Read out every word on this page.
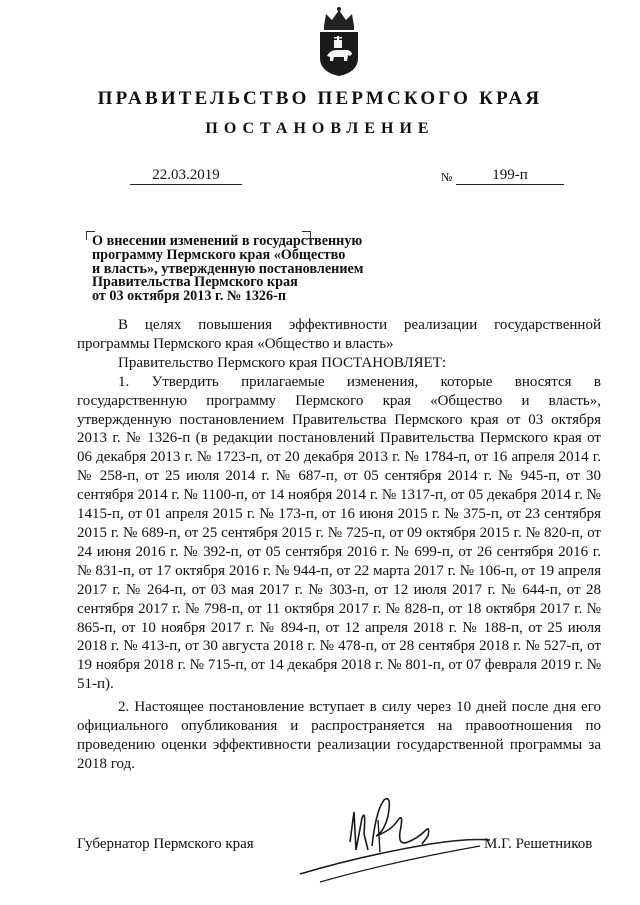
ПРАВИТЕЛЬСТВО ПЕРМСКОГО КРАЯ
ПОСТАНОВЛЕНИЕ
22.03.2019	№	199-п
О внесении изменений в государственную
программу Пермского края «Общество
и власть», утвержденную постановлением
Правительства Пермского края
от 03 октября 2013 г. № 1326-п

В целях повышения эффективности реализации государственной программы Пермского края «Общество и власть»

Правительство Пермского края ПОСТАНОВЛЯЕТ:

1. Утвердить прилагаемые изменения, которые вносятся в государственную программу Пермского края «Общество и власть», утвержденную постановлением Правительства Пермского края от 03 октября 2013 г. № 1326-п (в редакции постановлений Правительства Пермского края от 06 декабря 2013 г. № 1723-п, от 20 декабря 2013 г. № 1784-п, от 16 апреля 2014 г. № 258-п, от 25 июля 2014 г. № 687-п, от 05 сентября 2014 г. № 945-п, от 30 сентября 2014 г. № 1100-п, от 14 ноября 2014 г. № 1317-п, от 05 декабря 2014 г. № 1415-п, от 01 апреля 2015 г. № 173-п, от 16 июня 2015 г. № 375-п, от 23 сентября 2015 г. № 689-п, от 25 сентября 2015 г. № 725-п, от 09 октября 2015 г. № 820-п, от 24 июня 2016 г. № 392-п, от 05 сентября 2016 г. № 699-п, от 26 сентября 2016 г. № 831-п, от 17 октября 2016 г. № 944-п, от 22 марта 2017 г. № 106-п, от 19 апреля 2017 г. № 264-п, от 03 мая 2017 г. № 303-п, от 12 июля 2017 г. № 644-п, от 28 сентября 2017 г. № 798-п, от 11 октября 2017 г. № 828-п, от 18 октября 2017 г. № 865-п, от 10 ноября 2017 г. № 894-п, от 12 апреля 2018 г. № 188-п, от 25 июля 2018 г. № 413-п, от 30 августа 2018 г. № 478-п, от 28 сентября 2018 г. № 527-п, от 19 ноября 2018 г. № 715-п, от 14 декабря 2018 г. № 801-п, от 07 февраля 2019 г. № 51-п).

2. Настоящее постановление вступает в силу через 10 дней после дня его официального опубликования и распространяется на правоотношения по проведению оценки эффективности реализации государственной программы за 2018 год.

Губернатор Пермского края	М.Г. Решетников
